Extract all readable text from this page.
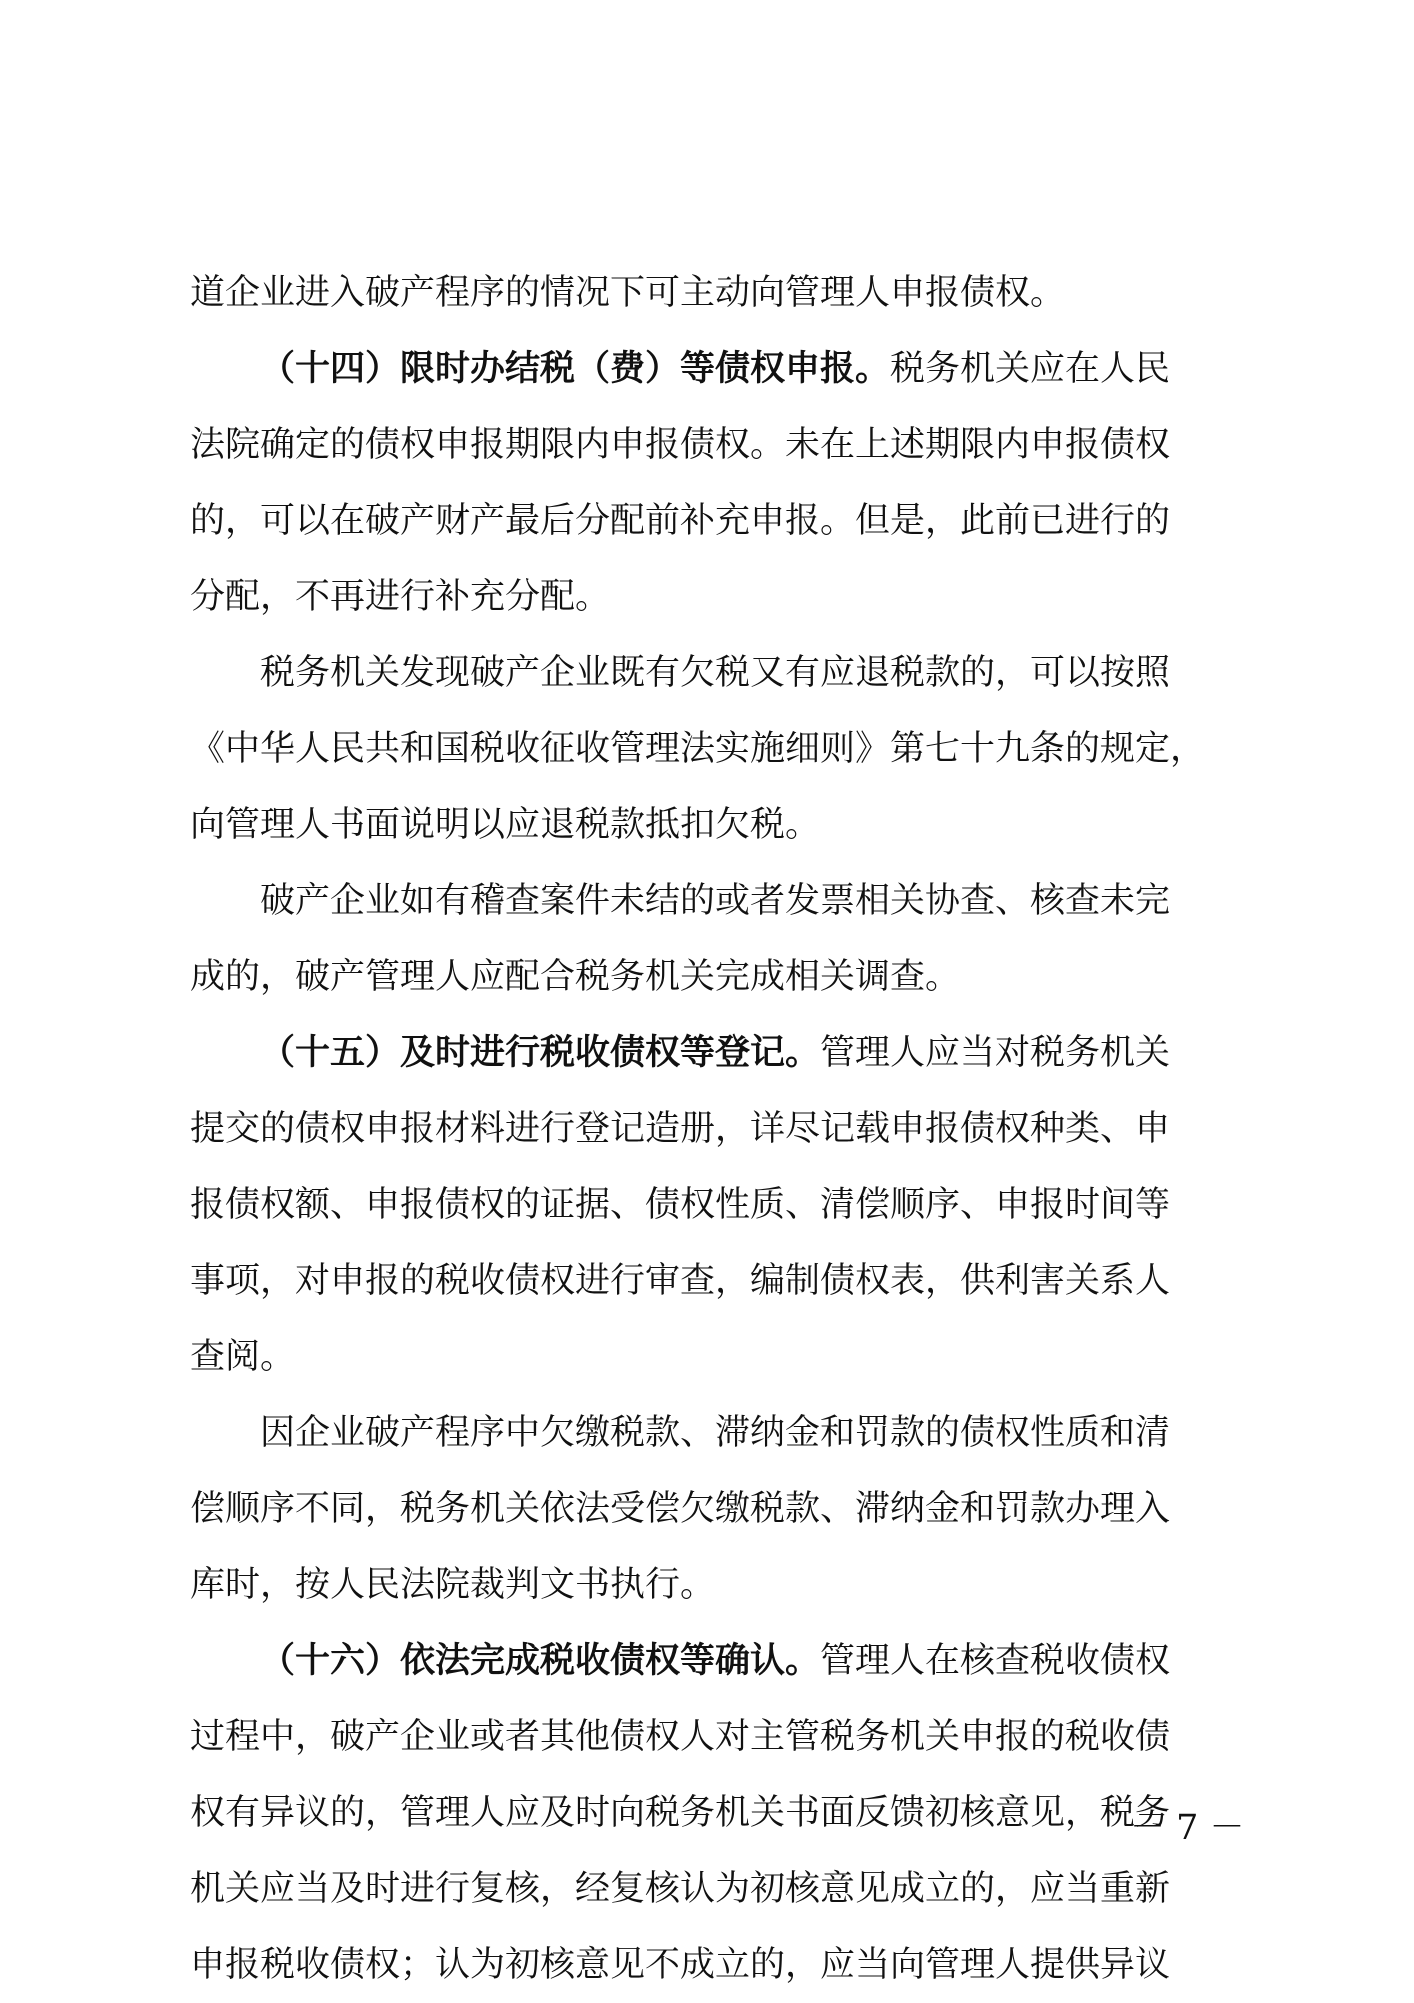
道企业进入破产程序的情况下可主动向管理人申报债权。
（十四）限时办结税（费）等债权申报。税务机关应在人民
法院确定的债权申报期限内申报债权。未在上述期限内申报债权
的，可以在破产财产最后分配前补充申报。但是，此前已进行的
分配，不再进行补充分配。
税务机关发现破产企业既有欠税又有应退税款的，可以按照
《中华人民共和国税收征收管理法实施细则》第七十九条的规定，
向管理人书面说明以应退税款抵扣欠税。
破产企业如有稽查案件未结的或者发票相关协查、核查未完
成的，破产管理人应配合税务机关完成相关调查。
（十五）及时进行税收债权等登记。管理人应当对税务机关
提交的债权申报材料进行登记造册，详尽记载申报债权种类、申
报债权额、申报债权的证据、债权性质、清偿顺序、申报时间等
事项，对申报的税收债权进行审查，编制债权表，供利害关系人
查阅。
因企业破产程序中欠缴税款、滞纳金和罚款的债权性质和清
偿顺序不同，税务机关依法受偿欠缴税款、滞纳金和罚款办理入
库时，按人民法院裁判文书执行。
（十六）依法完成税收债权等确认。管理人在核查税收债权
过程中，破产企业或者其他债权人对主管税务机关申报的税收债
权有异议的，管理人应及时向税务机关书面反馈初核意见，税务
机关应当及时进行复核，经复核认为初核意见成立的，应当重新
申报税收债权；认为初核意见不成立的，应当向管理人提供异议
－ 7 －
